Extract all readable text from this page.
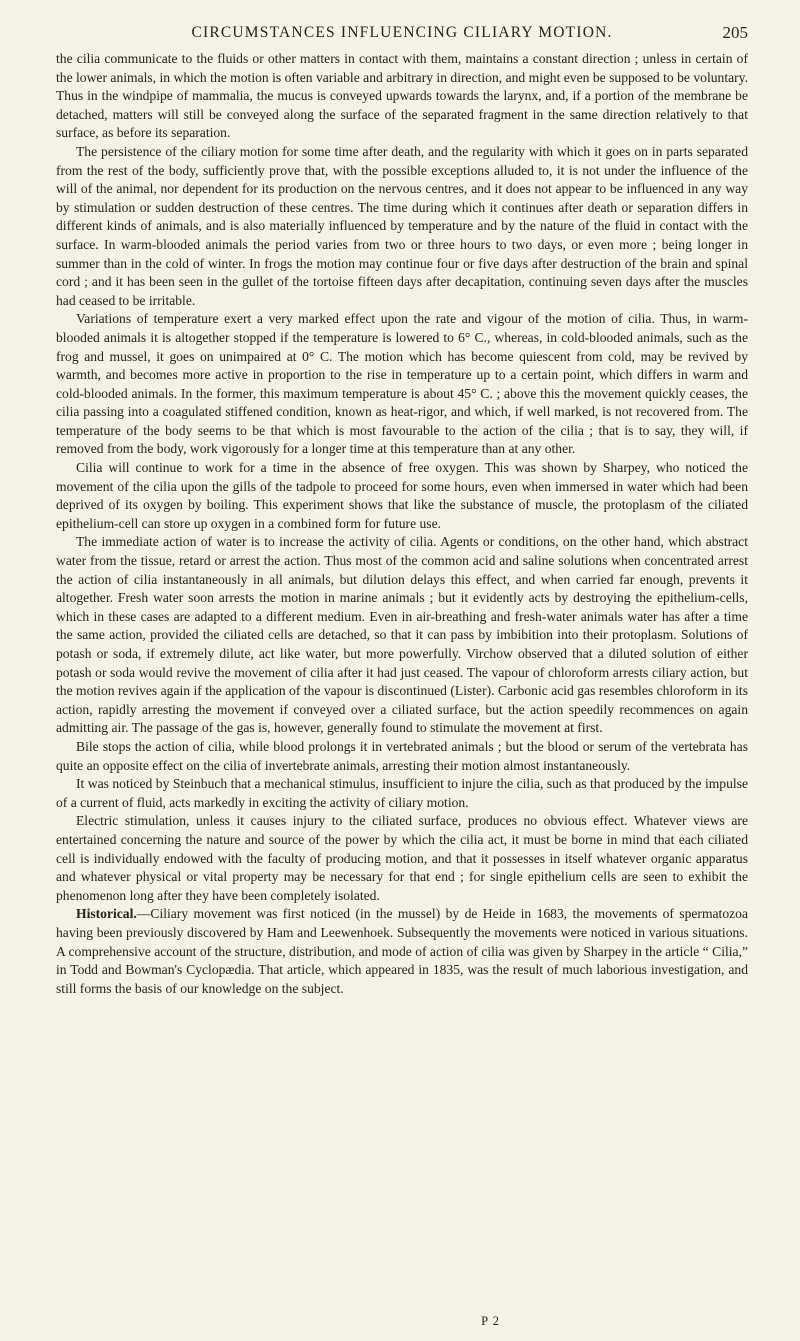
CIRCUMSTANCES INFLUENCING CILIARY MOTION.	205

the cilia communicate to the fluids or other matters in contact with them, maintains a constant direction ; unless in certain of the lower animals, in which the motion is often variable and arbitrary in direction, and might even be supposed to be voluntary. Thus in the windpipe of mammalia, the mucus is conveyed upwards towards the larynx, and, if a portion of the membrane be detached, matters will still be conveyed along the surface of the separated fragment in the same direction relatively to that surface, as before its separation.

The persistence of the ciliary motion for some time after death, and the regularity with which it goes on in parts separated from the rest of the body, sufficiently prove that, with the possible exceptions alluded to, it is not under the influence of the will of the animal, nor dependent for its production on the nervous centres, and it does not appear to be influenced in any way by stimulation or sudden destruction of these centres. The time during which it continues after death or separation differs in different kinds of animals, and is also materially influenced by temperature and by the nature of the fluid in contact with the surface. In warm-blooded animals the period varies from two or three hours to two days, or even more ; being longer in summer than in the cold of winter. In frogs the motion may continue four or five days after destruction of the brain and spinal cord ; and it has been seen in the gullet of the tortoise fifteen days after decapitation, continuing seven days after the muscles had ceased to be irritable.

Variations of temperature exert a very marked effect upon the rate and vigour of the motion of cilia. Thus, in warm-blooded animals it is altogether stopped if the temperature is lowered to 6° C., whereas, in cold-blooded animals, such as the frog and mussel, it goes on unimpaired at 0° C. The motion which has become quiescent from cold, may be revived by warmth, and becomes more active in proportion to the rise in temperature up to a certain point, which differs in warm and cold-blooded animals. In the former, this maximum temperature is about 45° C. ; above this the movement quickly ceases, the cilia passing into a coagulated stiffened condition, known as heat-rigor, and which, if well marked, is not recovered from. The temperature of the body seems to be that which is most favourable to the action of the cilia ; that is to say, they will, if removed from the body, work vigorously for a longer time at this temperature than at any other.

Cilia will continue to work for a time in the absence of free oxygen. This was shown by Sharpey, who noticed the movement of the cilia upon the gills of the tadpole to proceed for some hours, even when immersed in water which had been deprived of its oxygen by boiling. This experiment shows that like the substance of muscle, the protoplasm of the ciliated epithelium-cell can store up oxygen in a combined form for future use.

The immediate action of water is to increase the activity of cilia. Agents or conditions, on the other hand, which abstract water from the tissue, retard or arrest the action. Thus most of the common acid and saline solutions when concentrated arrest the action of cilia instantaneously in all animals, but dilution delays this effect, and when carried far enough, prevents it altogether. Fresh water soon arrests the motion in marine animals ; but it evidently acts by destroying the epithelium-cells, which in these cases are adapted to a different medium. Even in air-breathing and fresh-water animals water has after a time the same action, provided the ciliated cells are detached, so that it can pass by imbibition into their protoplasm. Solutions of potash or soda, if extremely dilute, act like water, but more powerfully. Virchow observed that a diluted solution of either potash or soda would revive the movement of cilia after it had just ceased. The vapour of chloroform arrests ciliary action, but the motion revives again if the application of the vapour is discontinued (Lister). Carbonic acid gas resembles chloroform in its action, rapidly arresting the movement if conveyed over a ciliated surface, but the action speedily recommences on again admitting air. The passage of the gas is, however, generally found to stimulate the movement at first.

Bile stops the action of cilia, while blood prolongs it in vertebrated animals ; but the blood or serum of the vertebrata has quite an opposite effect on the cilia of invertebrate animals, arresting their motion almost instantaneously.

It was noticed by Steinbuch that a mechanical stimulus, insufficient to injure the cilia, such as that produced by the impulse of a current of fluid, acts markedly in exciting the activity of ciliary motion.

Electric stimulation, unless it causes injury to the ciliated surface, produces no obvious effect. Whatever views are entertained concerning the nature and source of the power by which the cilia act, it must be borne in mind that each ciliated cell is individually endowed with the faculty of producing motion, and that it possesses in itself whatever organic apparatus and whatever physical or vital property may be necessary for that end ; for single epithelium cells are seen to exhibit the phenomenon long after they have been completely isolated.

Historical.—Ciliary movement was first noticed (in the mussel) by de Heide in 1683, the movements of spermatozoa having been previously discovered by Ham and Leewenhoek. Subsequently the movements were noticed in various situations. A comprehensive account of the structure, distribution, and mode of action of cilia was given by Sharpey in the article “ Cilia,” in Todd and Bowman's Cyclopædia. That article, which appeared in 1835, was the result of much laborious investigation, and still forms the basis of our knowledge on the subject.

P 2
